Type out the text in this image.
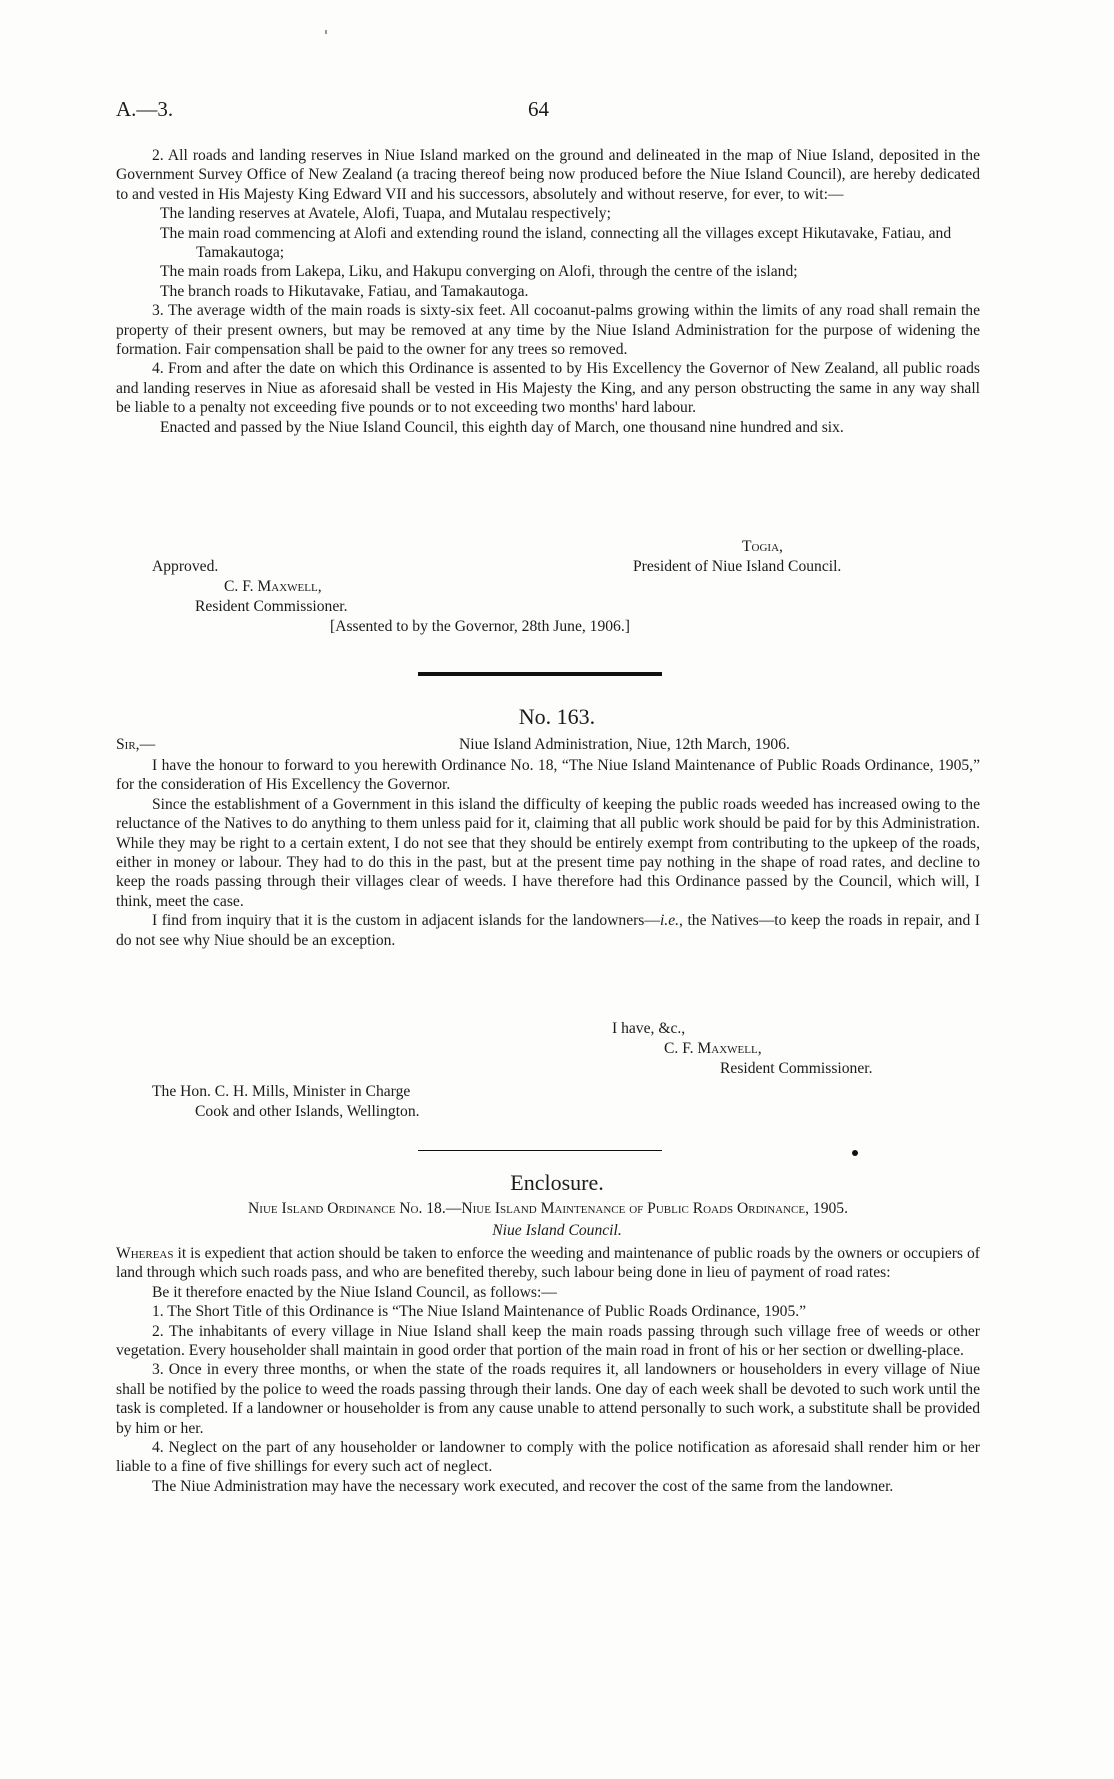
A.—3.	64

2. All roads and landing reserves in Niue Island marked on the ground and delineated in the map of Niue Island, deposited in the Government Survey Office of New Zealand (a tracing thereof being now produced before the Niue Island Council), are hereby dedicated to and vested in His Majesty King Edward VII and his successors, absolutely and without reserve, for ever, to wit:—

The landing reserves at Avatele, Alofi, Tuapa, and Mutalau respectively;

The main road commencing at Alofi and extending round the island, connecting all the villages except Hikutavake, Fatiau, and Tamakautoga;

The main roads from Lakepa, Liku, and Hakupu converging on Alofi, through the centre of the island;

The branch roads to Hikutavake, Fatiau, and Tamakautoga.

3. The average width of the main roads is sixty-six feet. All cocoanut-palms growing within the limits of any road shall remain the property of their present owners, but may be removed at any time by the Niue Island Administration for the purpose of widening the formation. Fair compensation shall be paid to the owner for any trees so removed.

4. From and after the date on which this Ordinance is assented to by His Excellency the Governor of New Zealand, all public roads and landing reserves in Niue as aforesaid shall be vested in His Majesty the King, and any person obstructing the same in any way shall be liable to a penalty not exceeding five pounds or to not exceeding two months' hard labour.

Enacted and passed by the Niue Island Council, this eighth day of March, one thousand nine hundred and six.

Togia,
Approved.	President of Niue Island Council.
C. F. Maxwell,
Resident Commissioner.
[Assented to by the Governor, 28th June, 1906.]
No. 163.
Sir,—	Niue Island Administration, Niue, 12th March, 1906.

I have the honour to forward to you herewith Ordinance No. 18, “The Niue Island Maintenance of Public Roads Ordinance, 1905,” for the consideration of His Excellency the Governor.

Since the establishment of a Government in this island the difficulty of keeping the public roads weeded has increased owing to the reluctance of the Natives to do anything to them unless paid for it, claiming that all public work should be paid for by this Administration. While they may be right to a certain extent, I do not see that they should be entirely exempt from contributing to the upkeep of the roads, either in money or labour. They had to do this in the past, but at the present time pay nothing in the shape of road rates, and decline to keep the roads passing through their villages clear of weeds. I have therefore had this Ordinance passed by the Council, which will, I think, meet the case.

I find from inquiry that it is the custom in adjacent islands for the landowners—i.e., the Natives—to keep the roads in repair, and I do not see why Niue should be an exception.

I have, &c.,
C. F. Maxwell,
Resident Commissioner.
The Hon. C. H. Mills, Minister in Charge
Cook and other Islands, Wellington.
Enclosure.
Niue Island Ordinance No. 18.—Niue Island Maintenance of Public Roads Ordinance, 1905.
Niue Island Council.

Whereas it is expedient that action should be taken to enforce the weeding and maintenance of public roads by the owners or occupiers of land through which such roads pass, and who are benefited thereby, such labour being done in lieu of payment of road rates:

Be it therefore enacted by the Niue Island Council, as follows:—

1. The Short Title of this Ordinance is “The Niue Island Maintenance of Public Roads Ordinance, 1905.”

2. The inhabitants of every village in Niue Island shall keep the main roads passing through such village free of weeds or other vegetation. Every householder shall maintain in good order that portion of the main road in front of his or her section or dwelling-place.

3. Once in every three months, or when the state of the roads requires it, all landowners or householders in every village of Niue shall be notified by the police to weed the roads passing through their lands. One day of each week shall be devoted to such work until the task is completed. If a landowner or householder is from any cause unable to attend personally to such work, a substitute shall be provided by him or her.

4. Neglect on the part of any householder or landowner to comply with the police notification as aforesaid shall render him or her liable to a fine of five shillings for every such act of neglect.

The Niue Administration may have the necessary work executed, and recover the cost of the same from the landowner.
